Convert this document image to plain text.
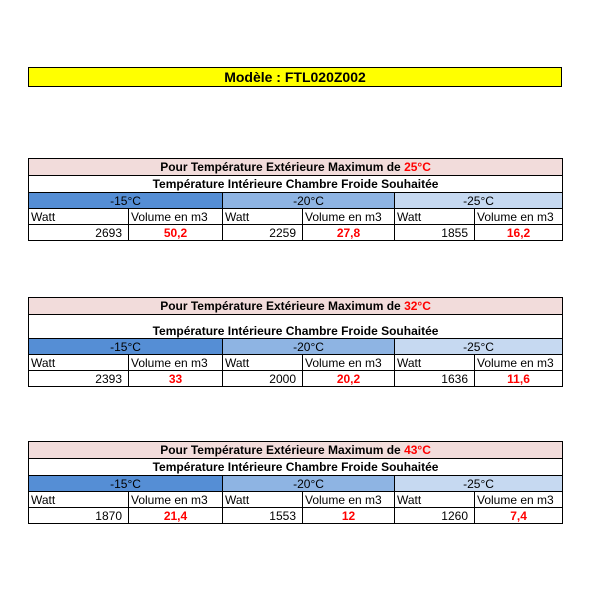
Modèle :
FTL020Z002
Pour Température Extérieure Maximum de 25°C					
Température Intérieure Chambre Froide Souhaitée					
-15°C		-20°C		-25°C	
Watt	Volume en m3	Watt	Volume en m3	Watt	Volume en m3
2693	50,2	2259	27,8	1855	16,2
Pour Température Extérieure Maximum de 32°C					
Température Intérieure Chambre Froide Souhaitée					
-15°C		-20°C		-25°C	
Watt	Volume en m3	Watt	Volume en m3	Watt	Volume en m3
2393	33	2000	20,2	1636	11,6
Pour Température Extérieure Maximum de 43°C					
Température Intérieure Chambre Froide Souhaitée					
-15°C		-20°C		-25°C	
Watt	Volume en m3	Watt	Volume en m3	Watt	Volume en m3
1870	21,4	1553	12	1260	7,4
